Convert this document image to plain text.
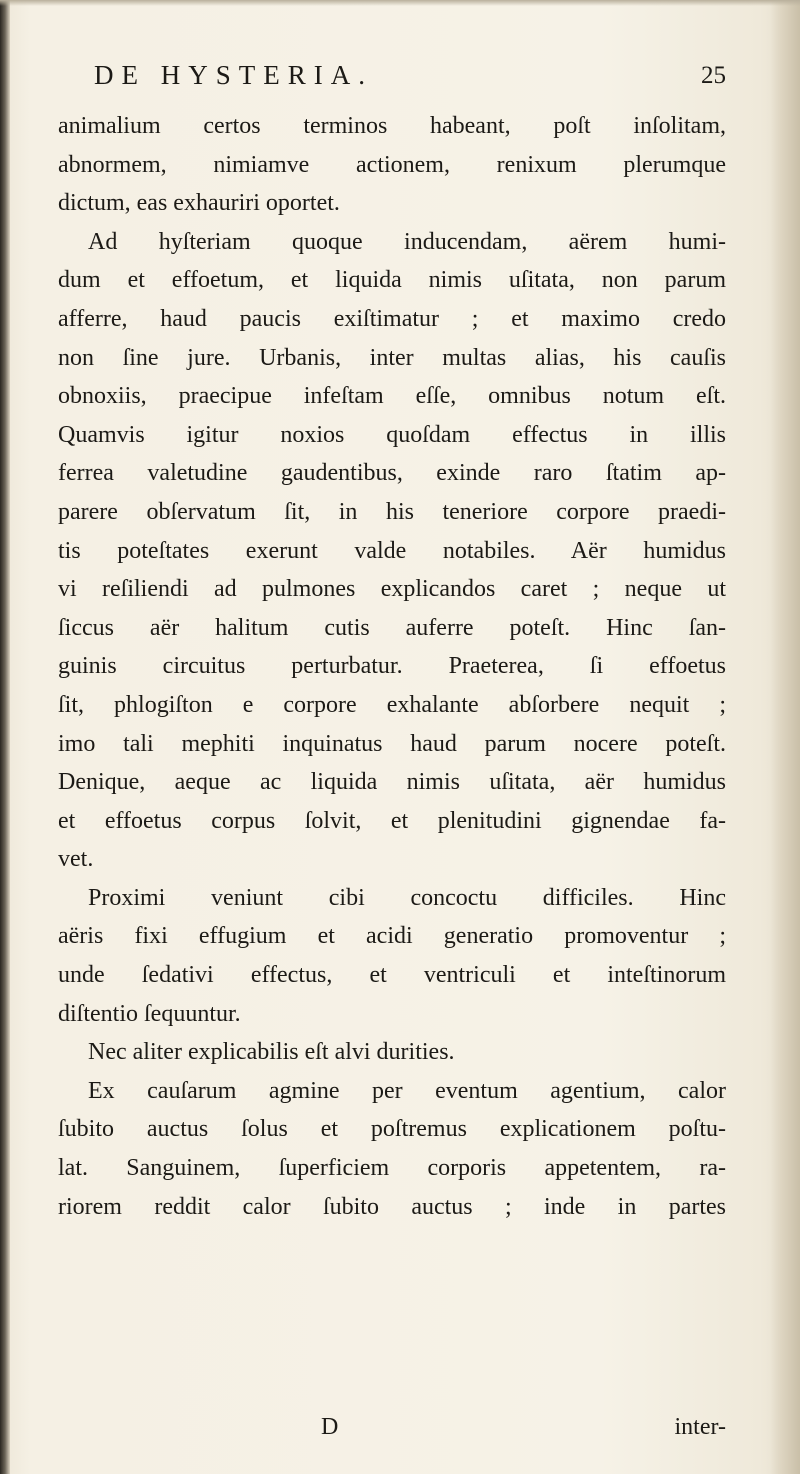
DE HYSTERIA.	25
animalium certos terminos habeant, poſt inſolitam,
abnormem, nimiamve actionem, renixum plerumque
dictum, eas exhauriri oportet.
Ad hyſteriam quoque inducendam, aërem humi-
dum et effoetum, et liquida nimis uſitata, non parum
afferre, haud paucis exiſtimatur ; et maximo credo
non ſine jure. Urbanis, inter multas alias, his cauſis
obnoxiis, praecipue infeſtam eſſe, omnibus notum eſt.
Quamvis igitur noxios quoſdam effectus in illis
ferrea valetudine gaudentibus, exinde raro ſtatim ap-
parere obſervatum ſit, in his teneriore corpore praedi-
tis poteſtates exerunt valde notabiles. Aër humidus
vi reſiliendi ad pulmones explicandos caret ; neque ut
ſiccus aër halitum cutis auferre poteſt. Hinc ſan-
guinis circuitus perturbatur. Praeterea, ſi effoetus
ſit, phlogiſton e corpore exhalante abſorbere nequit ;
imo tali mephiti inquinatus haud parum nocere poteſt.
Denique, aeque ac liquida nimis uſitata, aër humidus
et effoetus corpus ſolvit, et plenitudini gignendae fa-
vet.
Proximi veniunt cibi concoctu difficiles. Hinc
aëris fixi effugium et acidi generatio promoventur ;
unde ſedativi effectus, et ventriculi et inteſtinorum
diſtentio ſequuntur.
Nec aliter explicabilis eſt alvi durities.
Ex cauſarum agmine per eventum agentium, calor
ſubito auctus ſolus et poſtremus explicationem poſtu-
lat. Sanguinem, ſuperficiem corporis appetentem, ra-
riorem reddit calor ſubito auctus ; inde in partes
D	inter-
